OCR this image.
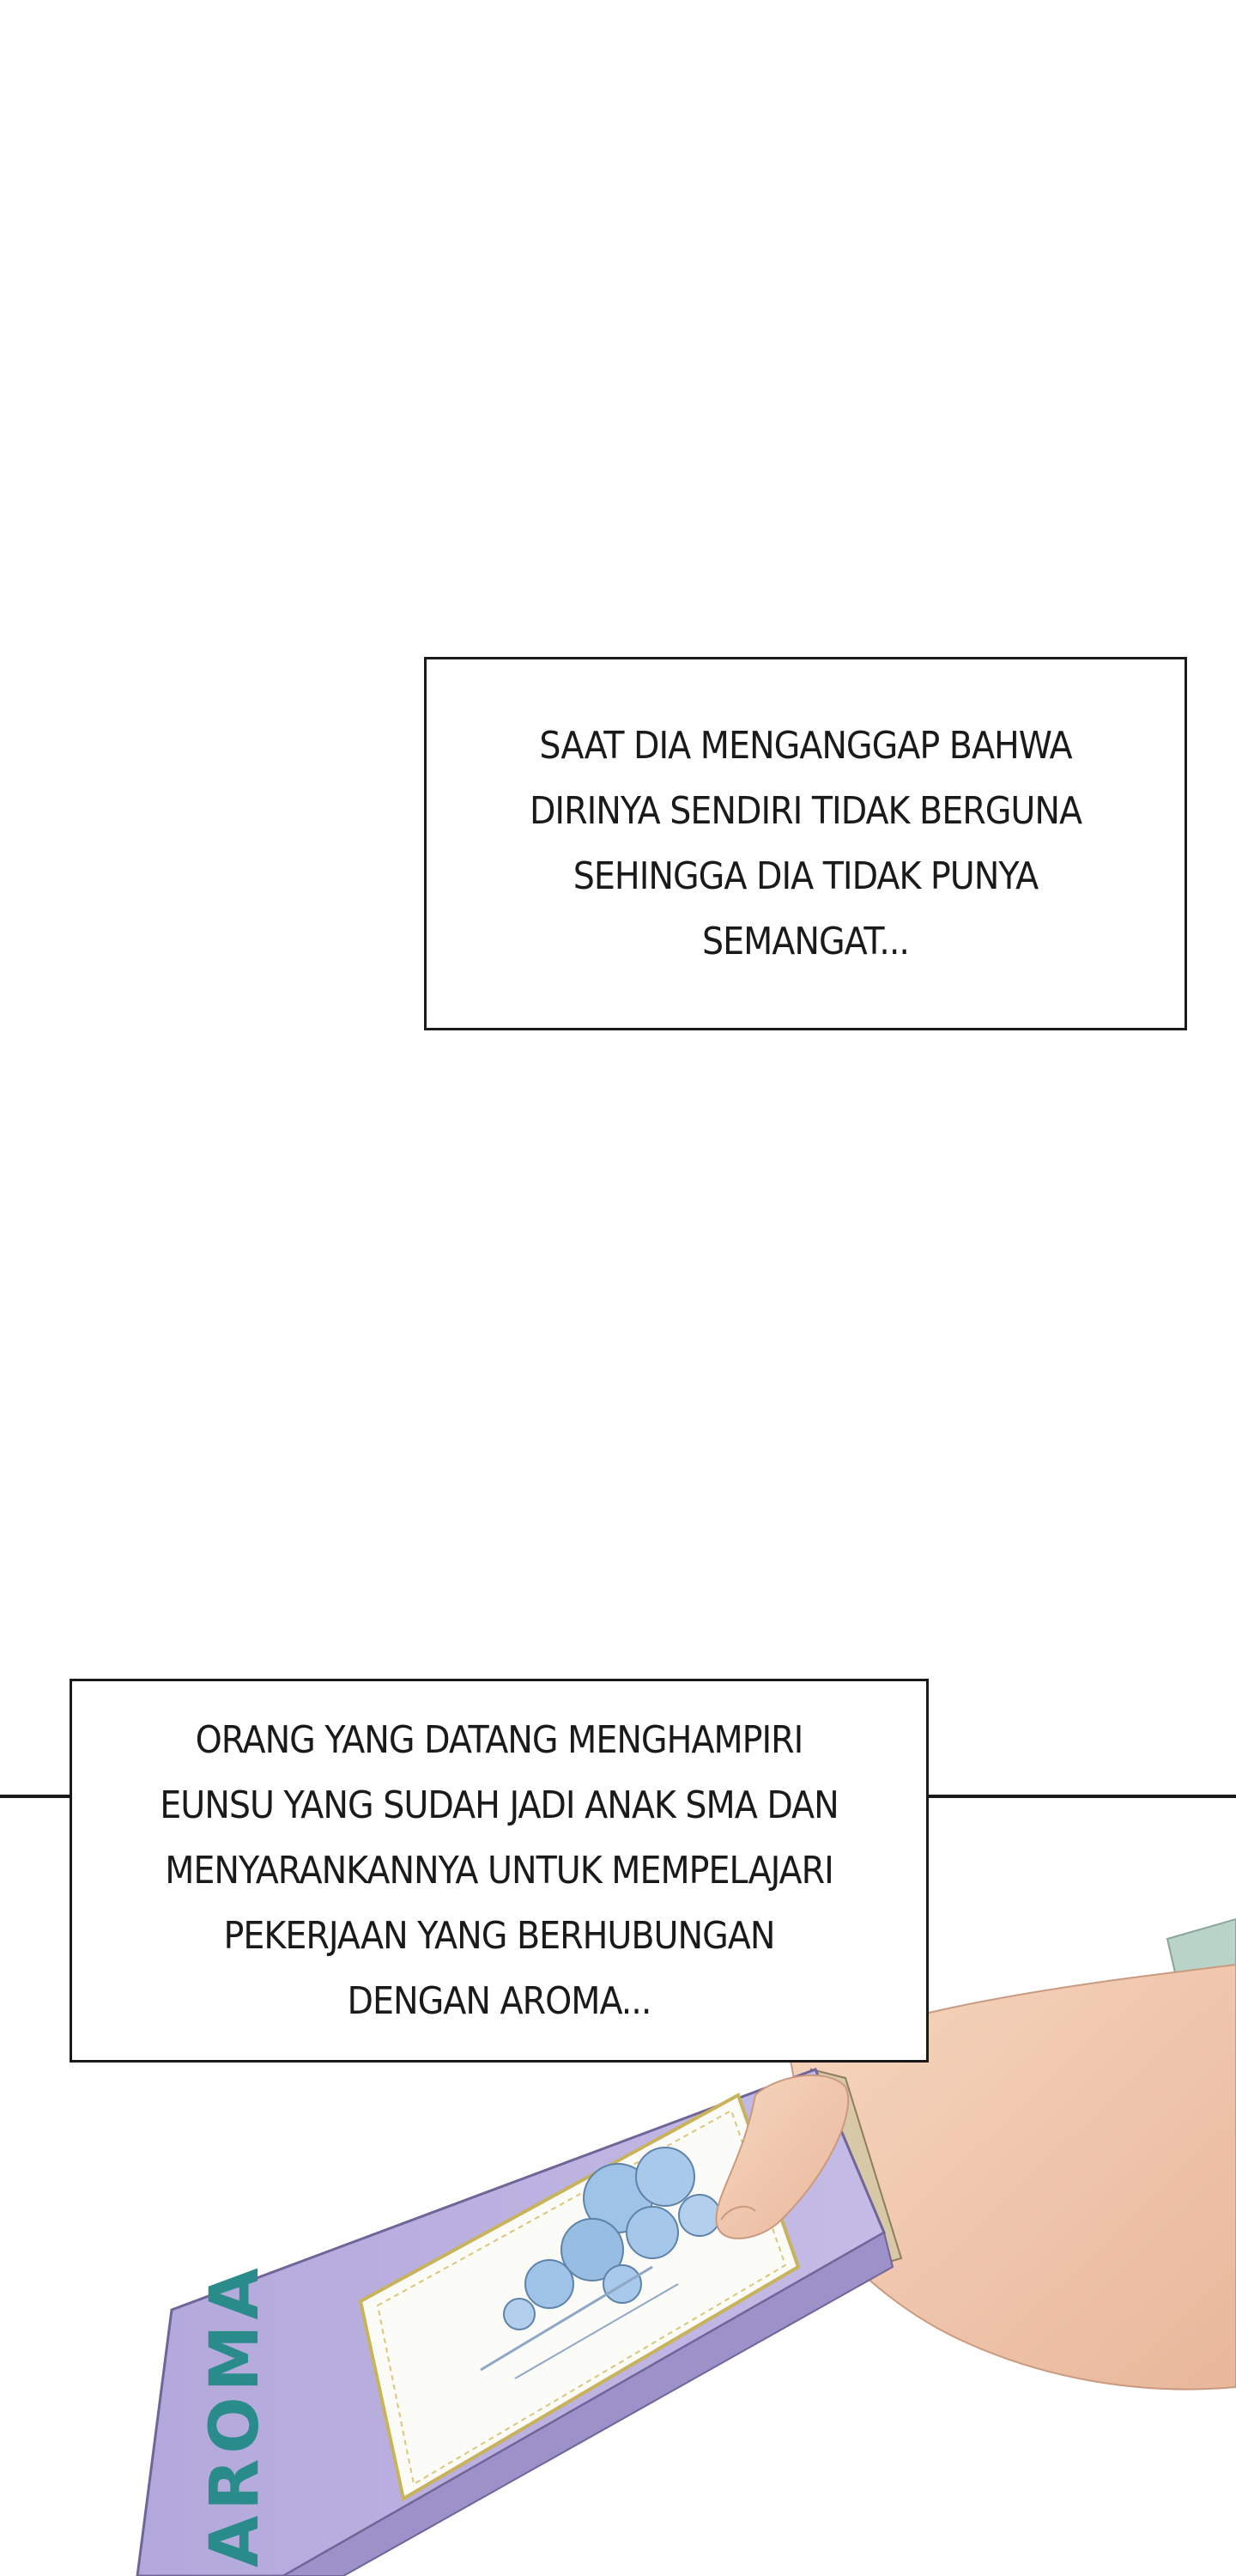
SAAT DIA MENGANGGAP BAHWA
DIRINYA SENDIRI TIDAK BERGUNA
SEHINGGA DIA TIDAK PUNYA
SEMANGAT...
ORANG YANG DATANG MENGHAMPIRI
EUNSU YANG SUDAH JADI ANAK SMA DAN
MENYARANKANNYA UNTUK MEMPELAJARI
PEKERJAAN YANG BERHUBUNGAN
DENGAN AROMA...
AROMA
